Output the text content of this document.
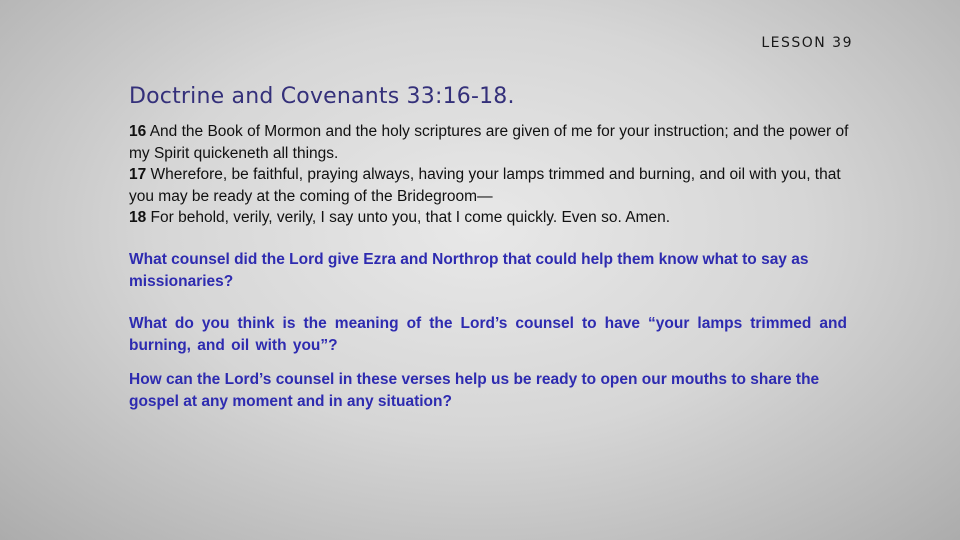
LESSON 39
Doctrine and Covenants 33:16-18.
16 And the Book of Mormon and the holy scriptures are given of me for your instruction; and the power of my Spirit quickeneth all things.
17 Wherefore, be faithful, praying always, having your lamps trimmed and burning, and oil with you, that you may be ready at the coming of the Bridegroom—
18 For behold, verily, verily, I say unto you, that I come quickly. Even so. Amen.
What counsel did the Lord give Ezra and Northrop that could help them know what to say as missionaries?
What do you think is the meaning of the Lord’s counsel to have “your lamps trimmed and burning, and oil with you”?
How can the Lord’s counsel in these verses help us be ready to open our mouths to share the gospel at any moment and in any situation?
